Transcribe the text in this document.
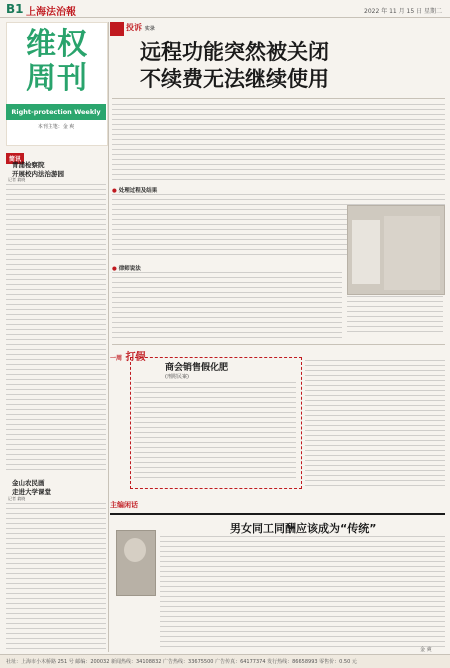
B1 上海法治報	2022 年 11 月 15 日 星期二
维权周刊
Right-protection Weekly
本刊主笔：金 爽
简讯
青浦检察院
开展校内法治游园
记者 翁晓
金山农民画
走进大学课堂
记者 翁晓
投诉 实录
远程功能突然被关闭
不续费无法继续使用
● 处理过程及结果
● 律师说法
一周 打假
商会销售假化肥
(刑附民案)
主编闲话
男女同工同酬应该成为“传统”
金 爽
社址：上海市小木桥路 251 号 邮编：200032 新闻热线：34108832 广告热线：33675500 广告传真：64177374 发行热线：86658993 零售价：0.50 元
